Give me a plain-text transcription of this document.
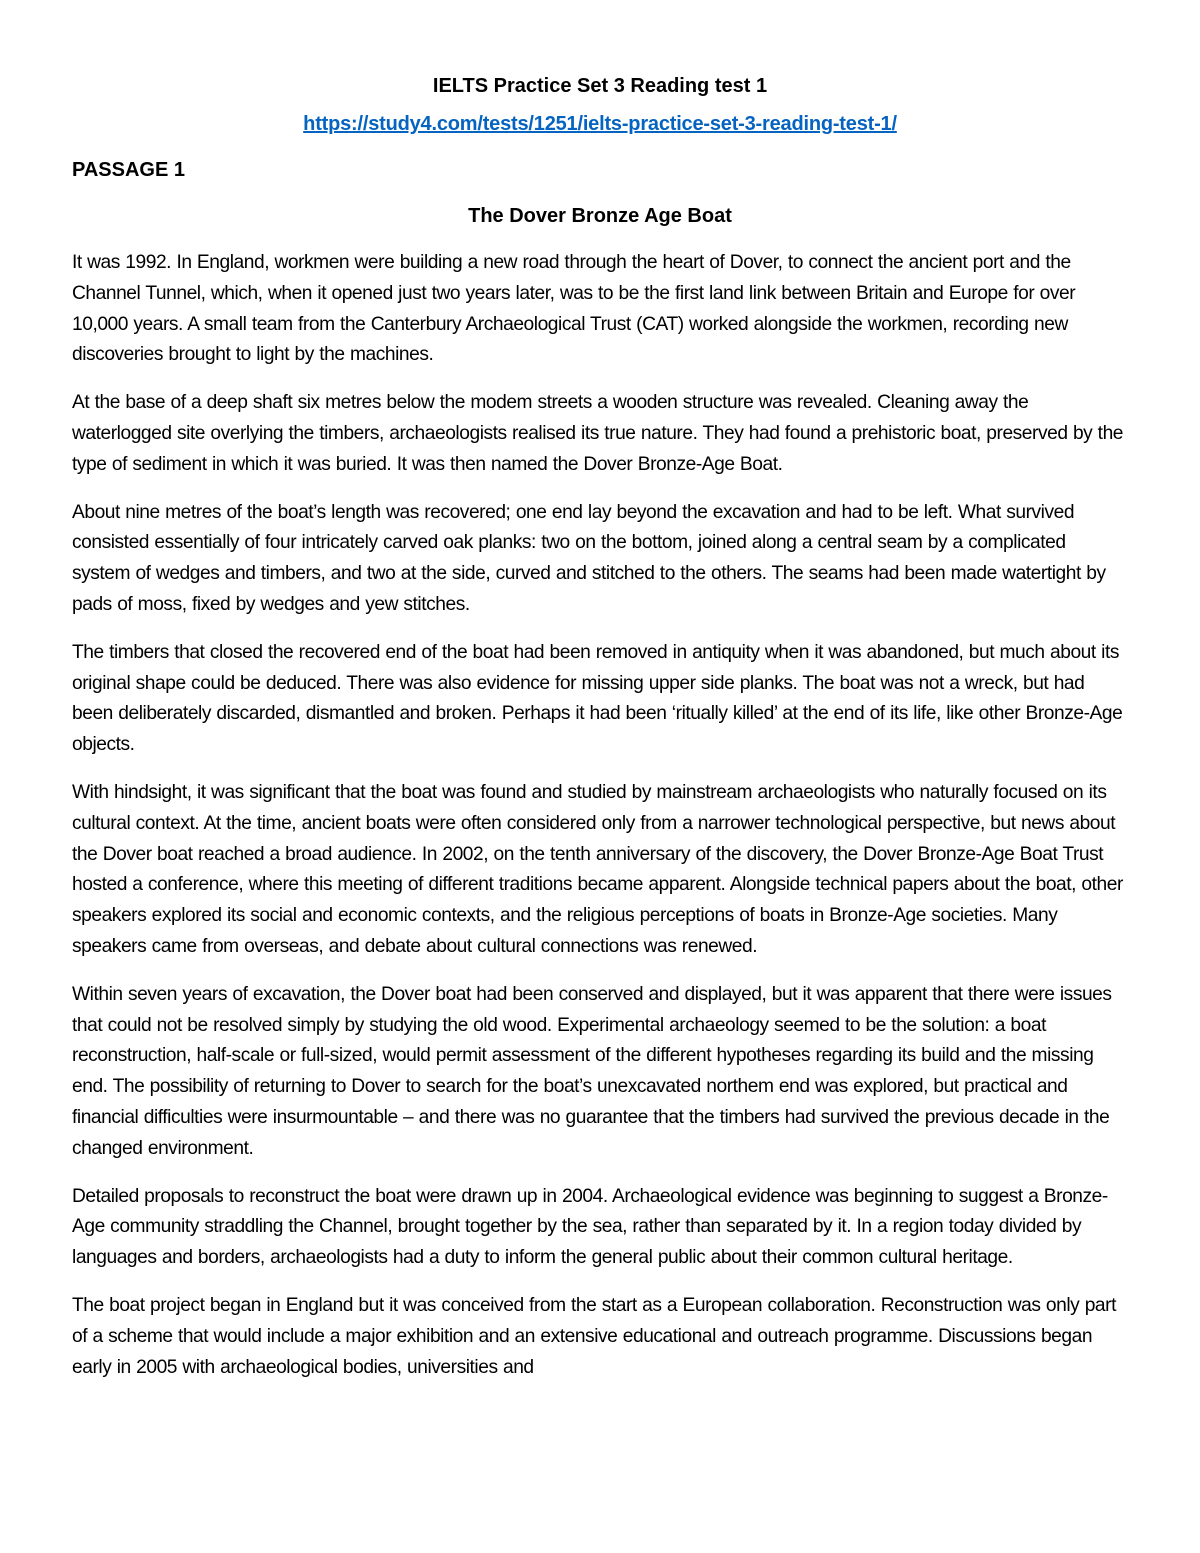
IELTS Practice Set 3 Reading test 1
https://study4.com/tests/1251/ielts-practice-set-3-reading-test-1/
PASSAGE 1
The Dover Bronze Age Boat

It was 1992. In England, workmen were building a new road through the heart of Dover, to connect the ancient port and the Channel Tunnel, which, when it opened just two years later, was to be the first land link between Britain and Europe for over 10,000 years. A small team from the Canterbury Archaeological Trust (CAT) worked alongside the workmen, recording new discoveries brought to light by the machines.

At the base of a deep shaft six metres below the modem streets a wooden structure was revealed. Cleaning away the waterlogged site overlying the timbers, archaeologists realised its true nature. They had found a prehistoric boat, preserved by the type of sediment in which it was buried. It was then named the Dover Bronze-Age Boat.

About nine metres of the boat’s length was recovered; one end lay beyond the excavation and had to be left. What survived consisted essentially of four intricately carved oak planks: two on the bottom, joined along a central seam by a complicated system of wedges and timbers, and two at the side, curved and stitched to the others. The seams had been made watertight by pads of moss, fixed by wedges and yew stitches.

The timbers that closed the recovered end of the boat had been removed in antiquity when it was abandoned, but much about its original shape could be deduced. There was also evidence for missing upper side planks. The boat was not a wreck, but had been deliberately discarded, dismantled and broken. Perhaps it had been ‘ritually killed’ at the end of its life, like other Bronze-Age objects.

With hindsight, it was significant that the boat was found and studied by mainstream archaeologists who naturally focused on its cultural context. At the time, ancient boats were often considered only from a narrower technological perspective, but news about the Dover boat reached a broad audience. In 2002, on the tenth anniversary of the discovery, the Dover Bronze-Age Boat Trust hosted a conference, where this meeting of different traditions became apparent. Alongside technical papers about the boat, other speakers explored its social and economic contexts, and the religious perceptions of boats in Bronze-Age societies. Many speakers came from overseas, and debate about cultural connections was renewed.

Within seven years of excavation, the Dover boat had been conserved and displayed, but it was apparent that there were issues that could not be resolved simply by studying the old wood. Experimental archaeology seemed to be the solution: a boat reconstruction, half-scale or full-sized, would permit assessment of the different hypotheses regarding its build and the missing end. The possibility of returning to Dover to search for the boat’s unexcavated northem end was explored, but practical and financial difficulties were insurmountable – and there was no guarantee that the timbers had survived the previous decade in the changed environment.

Detailed proposals to reconstruct the boat were drawn up in 2004. Archaeological evidence was beginning to suggest a Bronze-Age community straddling the Channel, brought together by the sea, rather than separated by it. In a region today divided by languages and borders, archaeologists had a duty to inform the general public about their common cultural heritage.

The boat project began in England but it was conceived from the start as a European collaboration. Reconstruction was only part of a scheme that would include a major exhibition and an extensive educational and outreach programme. Discussions began early in 2005 with archaeological bodies, universities and
